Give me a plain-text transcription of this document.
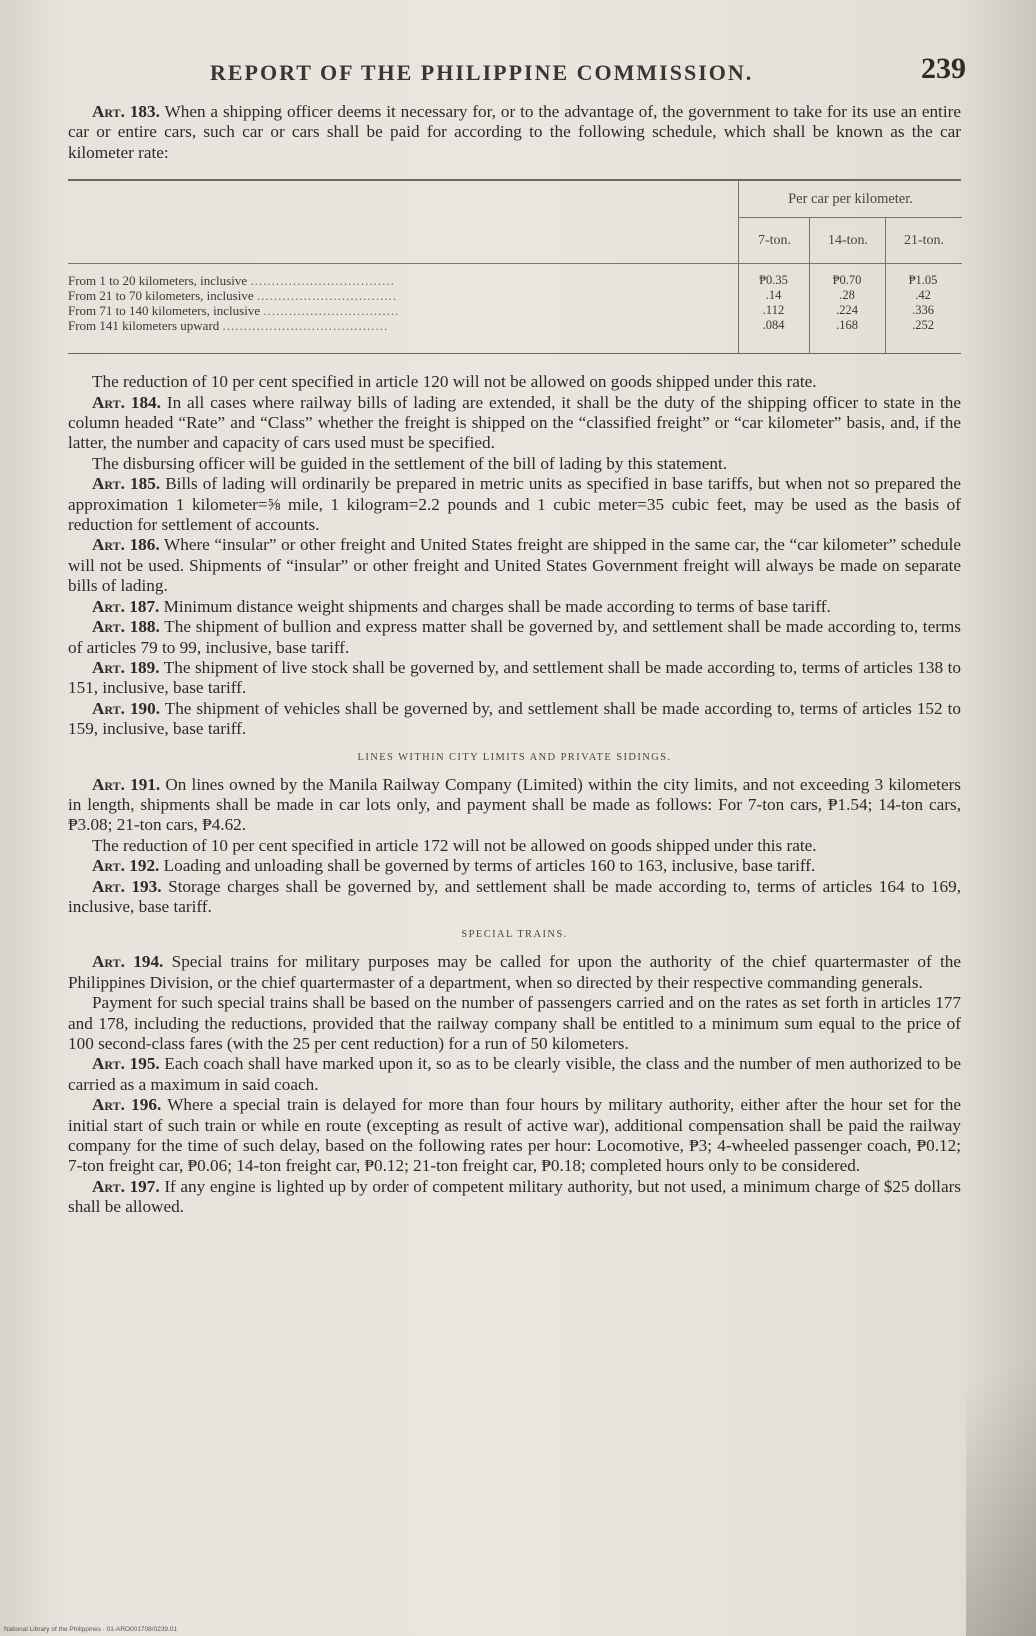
REPORT OF THE PHILIPPINE COMMISSION.	239

Art. 183. When a shipping officer deems it necessary for, or to the advantage of, the government to take for its use an entire car or entire cars, such car or cars shall be paid for according to the following schedule, which shall be known as the car kilometer rate:

Per car per kilometer.
7-ton.	14-ton.	21-ton.
From 1 to 20 kilometers, inclusive ..................................	₱0.35	₱0.70	₱1.05
From 21 to 70 kilometers, inclusive .................................	.14	.28	.42
From 71 to 140 kilometers, inclusive ................................	.112	.224	.336
From 141 kilometers upward .......................................	.084	.168	.252

The reduction of 10 per cent specified in article 120 will not be allowed on goods shipped under this rate.

Art. 184. In all cases where railway bills of lading are extended, it shall be the duty of the shipping officer to state in the column headed “Rate” and “Class” whether the freight is shipped on the “classified freight” or “car kilometer” basis, and, if the latter, the number and capacity of cars used must be specified.

The disbursing officer will be guided in the settlement of the bill of lading by this statement.

Art. 185. Bills of lading will ordinarily be prepared in metric units as specified in base tariffs, but when not so prepared the approximation 1 kilometer=⅝ mile, 1 kilogram=2.2 pounds and 1 cubic meter=35 cubic feet, may be used as the basis of reduction for settlement of accounts.

Art. 186. Where “insular” or other freight and United States freight are shipped in the same car, the “car kilometer” schedule will not be used. Shipments of “insular” or other freight and United States Government freight will always be made on separate bills of lading.

Art. 187. Minimum distance weight shipments and charges shall be made according to terms of base tariff.

Art. 188. The shipment of bullion and express matter shall be governed by, and settlement shall be made according to, terms of articles 79 to 99, inclusive, base tariff.

Art. 189. The shipment of live stock shall be governed by, and settlement shall be made according to, terms of articles 138 to 151, inclusive, base tariff.

Art. 190. The shipment of vehicles shall be governed by, and settlement shall be made according to, terms of articles 152 to 159, inclusive, base tariff.

LINES WITHIN CITY LIMITS AND PRIVATE SIDINGS.

Art. 191. On lines owned by the Manila Railway Company (Limited) within the city limits, and not exceeding 3 kilometers in length, shipments shall be made in car lots only, and payment shall be made as follows: For 7-ton cars, ₱1.54; 14-ton cars, ₱3.08; 21-ton cars, ₱4.62.

The reduction of 10 per cent specified in article 172 will not be allowed on goods shipped under this rate.

Art. 192. Loading and unloading shall be governed by terms of articles 160 to 163, inclusive, base tariff.

Art. 193. Storage charges shall be governed by, and settlement shall be made according to, terms of articles 164 to 169, inclusive, base tariff.

SPECIAL TRAINS.

Art. 194. Special trains for military purposes may be called for upon the authority of the chief quartermaster of the Philippines Division, or the chief quartermaster of a department, when so directed by their respective commanding generals.

Payment for such special trains shall be based on the number of passengers carried and on the rates as set forth in articles 177 and 178, including the reductions, provided that the railway company shall be entitled to a minimum sum equal to the price of 100 second-class fares (with the 25 per cent reduction) for a run of 50 kilometers.

Art. 195. Each coach shall have marked upon it, so as to be clearly visible, the class and the number of men authorized to be carried as a maximum in said coach.

Art. 196. Where a special train is delayed for more than four hours by military authority, either after the hour set for the initial start of such train or while en route (excepting as result of active war), additional compensation shall be paid the railway company for the time of such delay, based on the following rates per hour: Locomotive, ₱3; 4-wheeled passenger coach, ₱0.12; 7-ton freight car, ₱0.06; 14-ton freight car, ₱0.12; 21-ton freight car, ₱0.18; completed hours only to be considered.

Art. 197. If any engine is lighted up by order of competent military authority, but not used, a minimum charge of $25 dollars shall be allowed.

National Library of the Philippines · 01-ARO001708/0239.01
